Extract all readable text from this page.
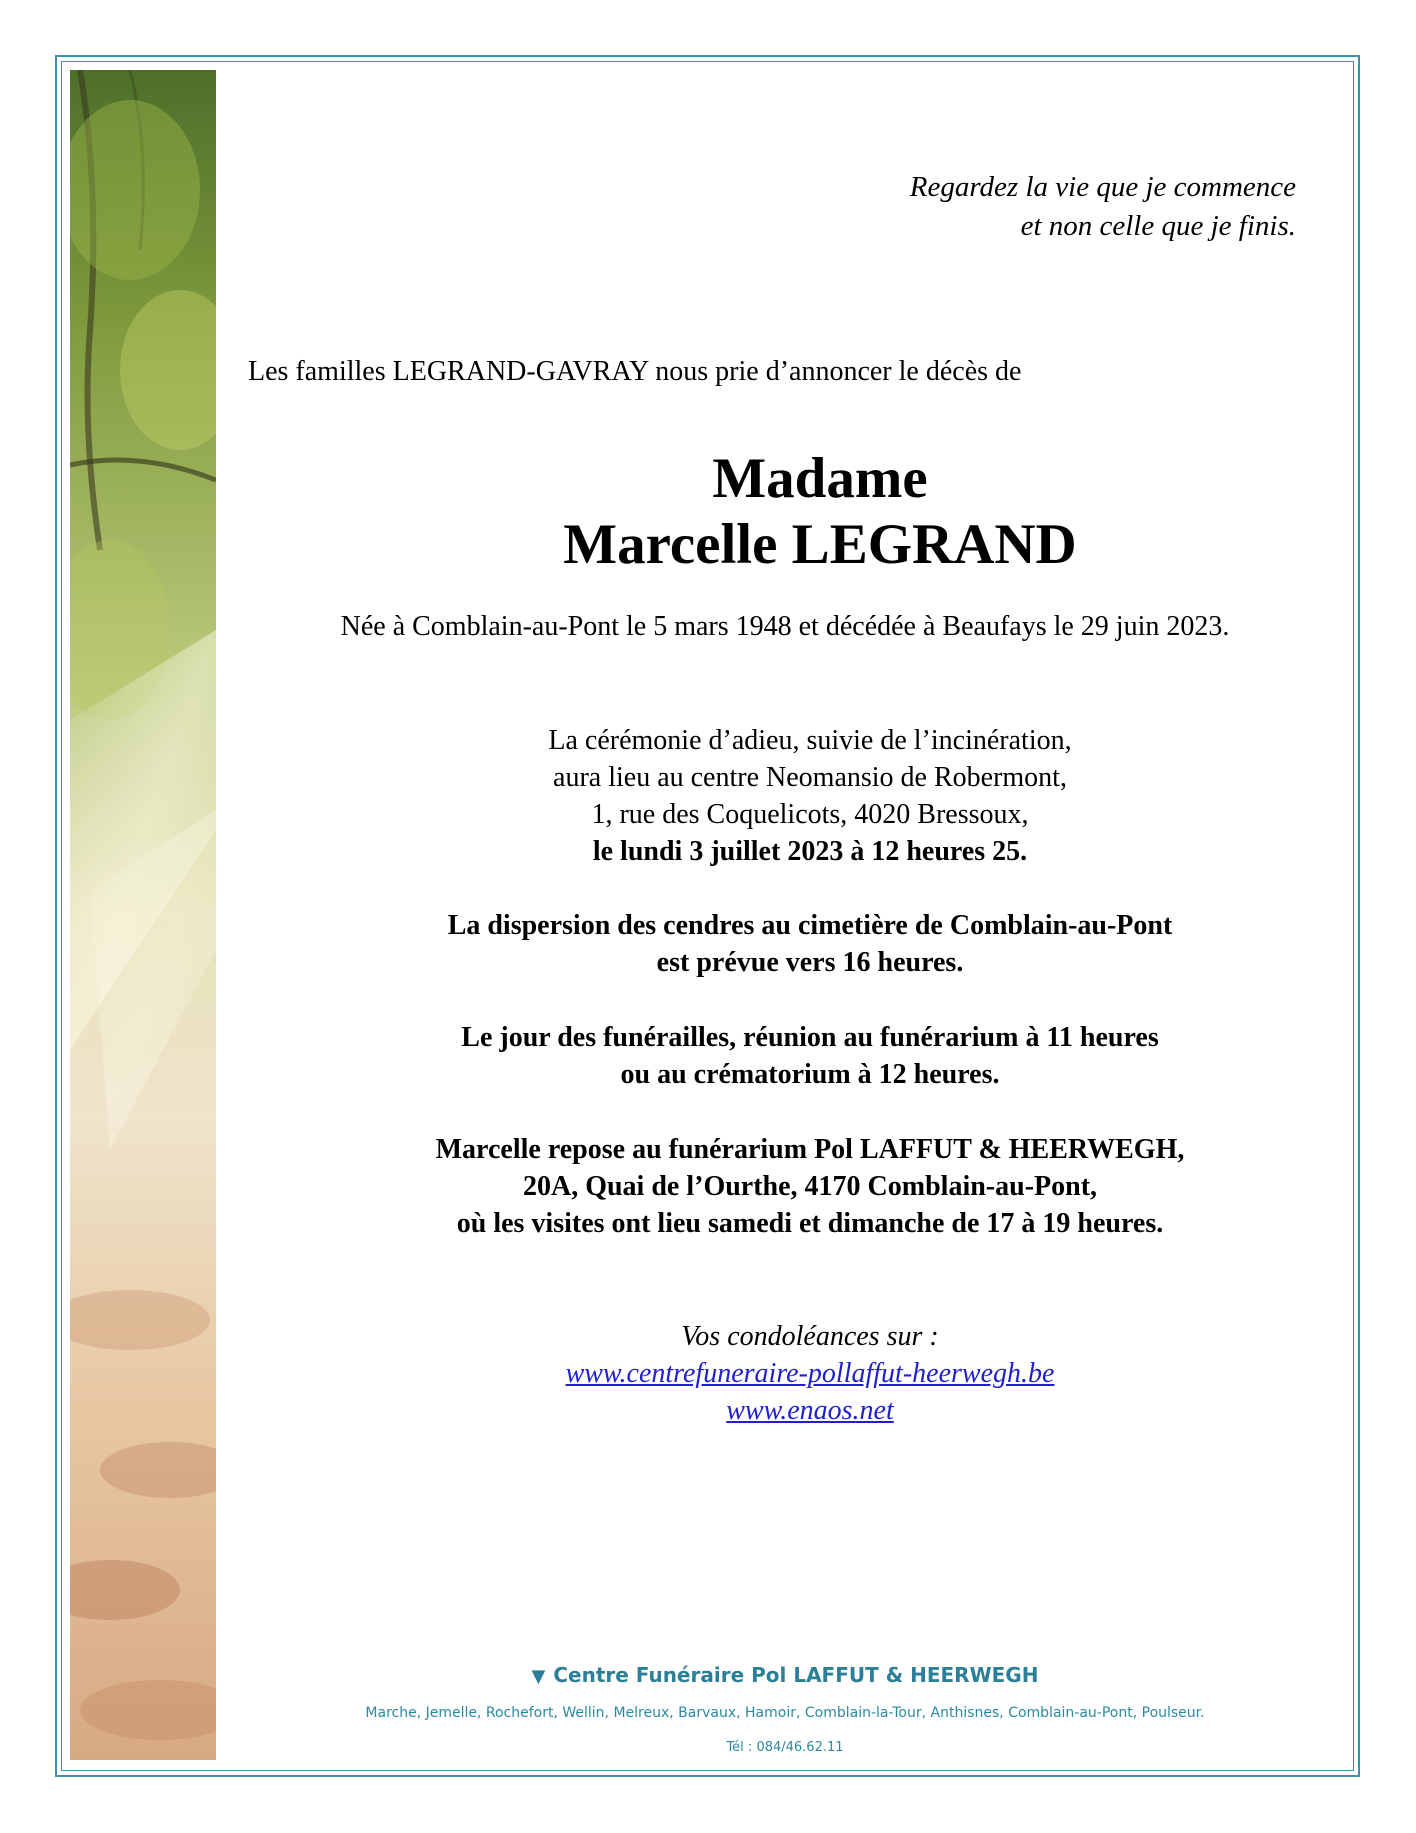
Regardez la vie que je commence
et non celle que je finis.
Les familles LEGRAND-GAVRAY nous prie d’annoncer le décès de
Madame
Marcelle LEGRAND
Née à Comblain-au-Pont le 5 mars 1948 et décédée à Beaufays le 29 juin 2023.
La cérémonie d’adieu, suivie de l’incinération,
aura lieu au centre Neomansio de Robermont,
1, rue des Coquelicots, 4020 Bressoux,
le lundi 3 juillet 2023 à 12 heures 25.
La dispersion des cendres au cimetière de Comblain-au-Pont
est prévue vers 16 heures.
Le jour des funérailles, réunion au funérarium à 11 heures
ou au crématorium à 12 heures.
Marcelle repose au funérarium Pol LAFFUT & HEERWEGH,
20A, Quai de l’Ourthe, 4170 Comblain-au-Pont,
où les visites ont lieu samedi et dimanche de 17 à 19 heures.
Vos condoléances sur :
www.centrefuneraire-pollaffut-heerwegh.be
www.enaos.net
▼ Centre Funéraire Pol LAFFUT & HEERWEGH
Marche, Jemelle, Rochefort, Wellin, Melreux, Barvaux, Hamoir, Comblain-la-Tour, Anthisnes, Comblain-au-Pont, Poulseur.
Tél : 084/46.62.11
